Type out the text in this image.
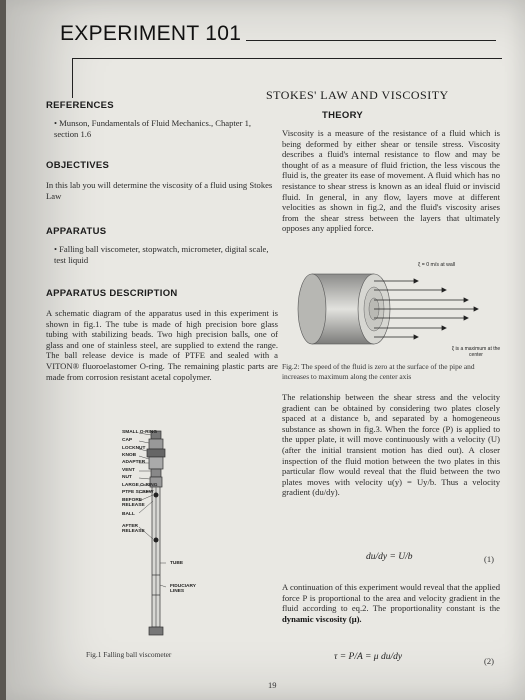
EXPERIMENT 101
STOKES' LAW AND VISCOSITY
REFERENCES
• Munson, Fundamentals of Fluid Mechanics., Chapter 1, section 1.6
OBJECTIVES
In this lab you will determine the viscosity of a fluid using Stokes Law
APPARATUS
• Falling ball viscometer, stopwatch, micrometer, digital scale, test liquid
APPARATUS DESCRIPTION
A schematic diagram of the apparatus used in this experiment is shown in fig.1. The tube is made of high precision bore glass tubing with stabilizing beads. Two high precision balls, one of glass and one of stainless steel, are supplied to extend the range. The ball release device is made of PTFE and sealed with a VITON® fluoroelastomer O-ring. The remaining plastic parts are made from corrosion resistant acetal copolymer.
SMALL O-RING
CAP
LOCKNUT
KNOB
ADAPTER
VENT
NUT
LARGE O-RING
PTFE SCREW
BEFORE RELEASE
BALL
AFTER RELEASE
TUBE
FIDUCIARY LINES
Fig.1 Falling ball viscometer
THEORY
Viscosity is a measure of the resistance of a fluid which is being deformed by either shear or tensile stress. Viscosity describes a fluid's internal resistance to flow and may be thought of as a measure of fluid friction, the less viscous the fluid is, the greater its ease of movement. A fluid which has no resistance to shear stress is known as an ideal fluid or inviscid fluid. In general, in any flow, layers move at different velocities as shown in fig.2, and the fluid's viscosity arises from the shear stress between the layers that ultimately opposes any applied force.
ξ = 0 m/s at wall
ξ is a maximum at the center
Fig.2: The speed of the fluid is zero at the surface of the pipe and increases to maximum along the center axis
The relationship between the shear stress and the velocity gradient can be obtained by considering two plates closely spaced at a distance b, and separated by a homogeneous substance as shown in fig.3. When the force (P) is applied to the upper plate, it will move continuously with a velocity (U) (after the initial transient motion has died out). A closer inspection of the fluid motion between the two plates in this particular flow would reveal that the fluid between the two plates moves with velocity u(y) = Uy/b. Thus a velocity gradient (du/dy).
du/dy = U/b	(1)
A continuation of this experiment would reveal that the applied force P is proportional to the area and velocity gradient in the fluid according to eq.2. The proportionality constant is the dynamic viscosity (μ).
τ = P/A = μ du/dy	(2)
19
